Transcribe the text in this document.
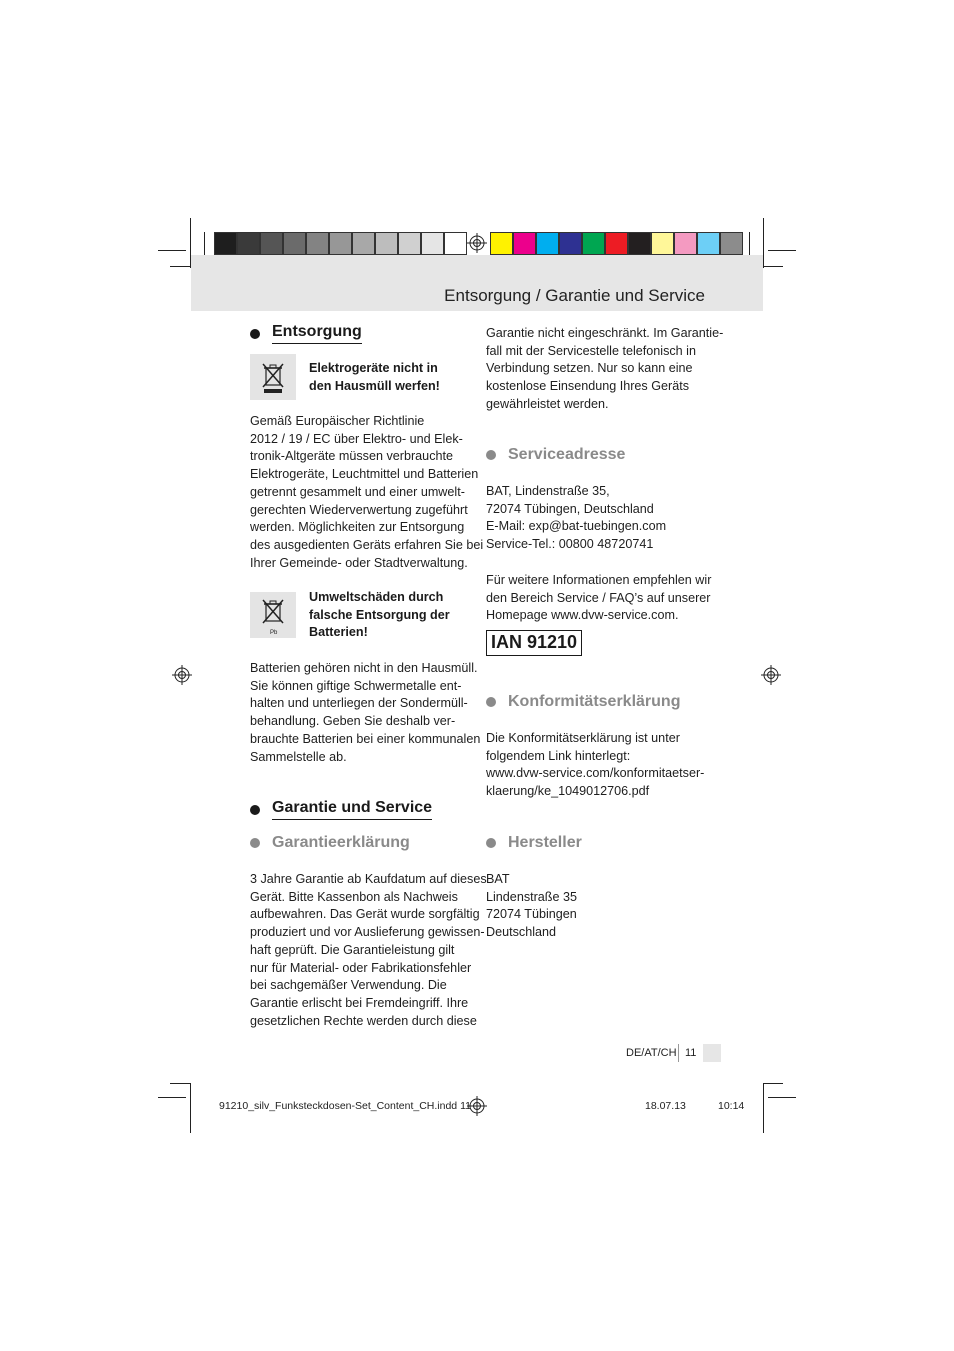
Entsorgung / Garantie und Service
Entsorgung
Elektrogeräte nicht in
den Hausmüll werfen!
Gemäß Europäischer Richtlinie
2012 / 19 / EC über Elektro- und Elek-
tronik-Altgeräte müssen verbrauchte
Elektrogeräte, Leuchtmittel und Batterien
getrennt gesammelt und einer umwelt-
gerechten Wiederverwertung zugeführt
werden. Möglichkeiten zur Entsorgung
des ausgedienten Geräts erfahren Sie bei
Ihrer Gemeinde- oder Stadtverwaltung.
Pb
Umweltschäden durch
falsche Entsorgung der
Batterien!
Batterien gehören nicht in den Hausmüll.
Sie können giftige Schwermetalle ent-
halten und unterliegen der Sondermüll-
behandlung. Geben Sie deshalb ver-
brauchte Batterien bei einer kommunalen
Sammelstelle ab.
Garantie und Service
Garantieerklärung
3 Jahre Garantie ab Kaufdatum auf dieses
Gerät. Bitte Kassenbon als Nachweis
aufbewahren. Das Gerät wurde sorgfältig
produziert und vor Auslieferung gewissen-
haft geprüft. Die Garantieleistung gilt
nur für Material- oder Fabrikationsfehler
bei sachgemäßer Verwendung. Die
Garantie erlischt bei Fremdeingriff. Ihre
gesetzlichen Rechte werden durch diese
Garantie nicht eingeschränkt. Im Garantie-
fall mit der Servicestelle telefonisch in
Verbindung setzen. Nur so kann eine
kostenlose Einsendung Ihres Geräts
gewährleistet werden.
Serviceadresse
BAT, Lindenstraße 35,
72074 Tübingen, Deutschland
E-Mail: exp@bat-tuebingen.com
Service-Tel.: 00800 48720741
Für weitere Informationen empfehlen wir
den Bereich Service / FAQ’s auf unserer
Homepage www.dvw-service.com.
IAN 91210
Konformitätserklärung
Die Konformitätserklärung ist unter
folgendem Link hinterlegt:
www.dvw-service.com/konformitaetser-
klaerung/ke_1049012706.pdf
Hersteller
BAT
Lindenstraße 35
72074 Tübingen
Deutschland
DE/AT/CH 11
91210_silv_Funksteckdosen-Set_Content_CH.indd 11	18.07.13	10:14
